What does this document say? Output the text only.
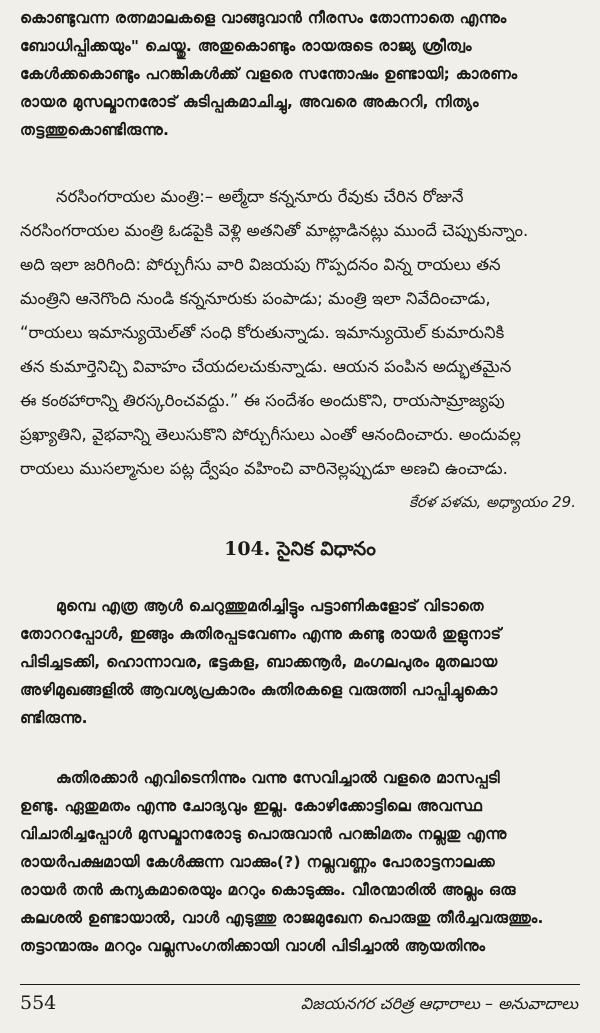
കൊണ്ടുവന്ന രത്നമാലകളെ വാങ്ങുവാൻ നീരസം തോന്നാതെ എന്നും
ബോധിപ്പിക്കയും" ചെയ്തു. അതുകൊണ്ടും രായരുടെ രാജ്യ ശ്രീത്വം
കേൾക്കകൊണ്ടും പറങ്കികൾക്ക് വളരെ സന്തോഷം ഉണ്ടായി; കാരണം
രായര മുസല്മാനരോട് കുടിപ്പകമാചിച്ചു, അവരെ അകററി, നിത്യം
തട്ടത്തുകൊണ്ടിരുന്നു.
నరసింగరాయల మంత్రి:– అల్మేదా కన్ననూరు రేవుకు చేరిన రోజునే
నరసింగరాయల మంత్రి ఓడపైకి వెళ్లి అతనితో మాట్లాడినట్లు ముందే చెప్పుకున్నాం.
అది ఇలా జరిగింది: పోర్చుగీసు వారి విజయపు గొప్పదనం విన్న రాయలు తన
మంత్రిని ఆనెగొంది నుండి కన్ననూరుకు పంపాడు; మంత్రి ఇలా నివేదించాడు,
“రాయలు ఇమాన్యుయెల్‌తో సంధి కోరుతున్నాడు. ఇమాన్యుయెల్ కుమారునికి
తన కుమార్తెనిచ్చి వివాహం చేయదలచుకున్నాడు. ఆయన పంపిన అద్భుతమైన
ఈ కంఠహారాన్ని తిరస్కరించవద్దు.” ఈ సందేశం అందుకొని, రాయసామ్రాజ్యపు
ప్రఖ్యాతిని, వైభవాన్ని తెలుసుకొని పోర్చుగీసులు ఎంతో ఆనందించారు. అందువల్ల
రాయలు ముసల్మానుల పట్ల ద్వేషం వహించి వారినెల్లప్పుడూ అణచి ఉంచాడు.
కేరళ పళమ, అధ్యాయం 29.
104. సైనిక విధానం
മുമ്പെ എത്ര ആൾ ചെറുത്തുമരിച്ചിട്ടും പട്ടാണികളോട് വിടാതെ
തോററപ്പോൾ, ഇങ്ങും കുതിരപ്പടവേണം എന്നു കണ്ടു രായർ തുളുനാട്
പിടിച്ചടക്കി, ഹൊന്നാവര, ഭട്ടകള, ബാക്കനൂർ, മംഗലപുരം മുതലായ
അഴിമുഖങ്ങളിൽ ആവശ്യപ്രകാരം കുതിരകളെ വരുത്തി പാപ്പിച്ചുകൊ
ണ്ടിരുന്നു.
കുതിരക്കാർ എവിടെനിന്നും വന്നു സേവിച്ചാൽ വളരെ മാസപ്പടി
ഉണ്ടു. ഏതുമതം എന്നു ചോദ്യവും ഇല്ല. കോഴിക്കോട്ടിലെ അവസ്ഥ
വിചാരിച്ചപ്പോൾ മുസല്മാനരോടു പൊരുവാൻ പറങ്കിമതം നല്ലതു എന്നു
രായർപക്ഷമായി കേൾക്കുന്ന വാക്കും(?) നല്ലവണ്ണം പോരാട്ടനാലക്ക
രായർ തൻ കന്യകമാരെയും മററും കൊടുക്കും. വീരന്മാരിൽ അല്ലം ഒരു
കലശൽ ഉണ്ടായാൽ, വാൾ എടുത്തു രാജമുഖേന പൊരുതു തീർച്ചവരുത്തും.
തട്ടാന്മാരും മററും വല്ലസംഗതിക്കായി വാശി പിടിച്ചാൽ ആയതിനും
554	విజయనగర చరిత్ర ఆధారాలు – అనువాదాలు
